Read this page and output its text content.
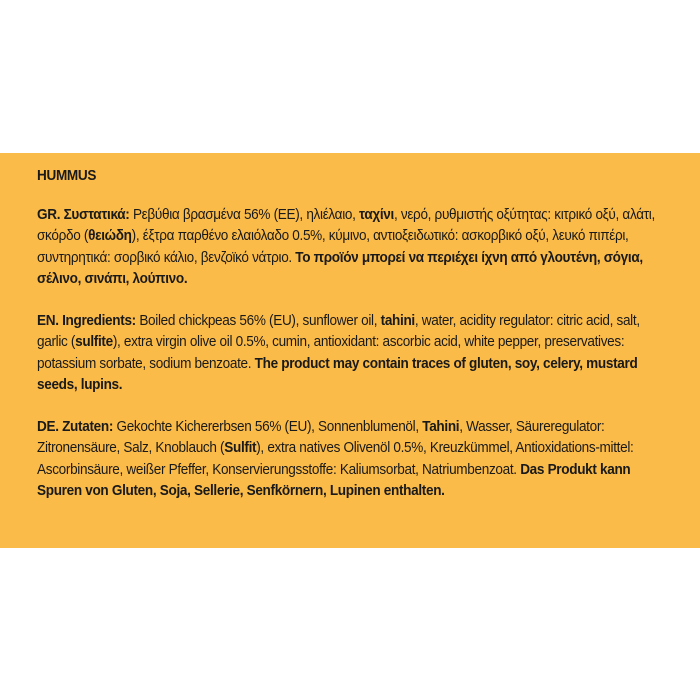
HUMMUS
GR. Συστατικά: Ρεβύθια βρασμένα 56% (ΕΕ), ηλιέλαιο, ταχίνι, νερό, ρυθμιστής οξύτητας: κιτρικό οξύ, αλάτι, σκόρδο (θειώδη), έξτρα παρθένο ελαιόλαδο 0.5%, κύμινο, αντιοξειδωτικό: ασκορβικό οξύ, λευκό πιπέρι, συντηρητικά: σορβικό κάλιο, βενζοϊκό νάτριο. Το προϊόν μπορεί να περιέχει ίχνη από γλουτένη, σόγια, σέλινο, σινάπι, λούπινο.
EN. Ingredients: Boiled chickpeas 56% (EU), sunflower oil, tahini, water, acidity regulator: citric acid, salt, garlic (sulfite), extra virgin olive oil 0.5%, cumin, antioxidant: ascorbic acid, white pepper, preservatives: potassium sorbate, sodium benzoate. The product may contain traces of gluten, soy, celery, mustard seeds, lupins.
DE. Zutaten: Gekochte Kichererbsen 56% (EU), Sonnenblumenöl, Tahini, Wasser, Säureregulator: Zitronensäure, Salz, Knoblauch (Sulfit), extra natives Olivenöl 0.5%, Kreuzkümmel, Antioxidations-mittel: Ascorbinsäure, weißer Pfeffer, Konservierungsstoffe: Kaliumsorbat, Natriumbenzoat. Das Produkt kann Spuren von Gluten, Soja, Sellerie, Senfkörnern, Lupinen enthalten.
